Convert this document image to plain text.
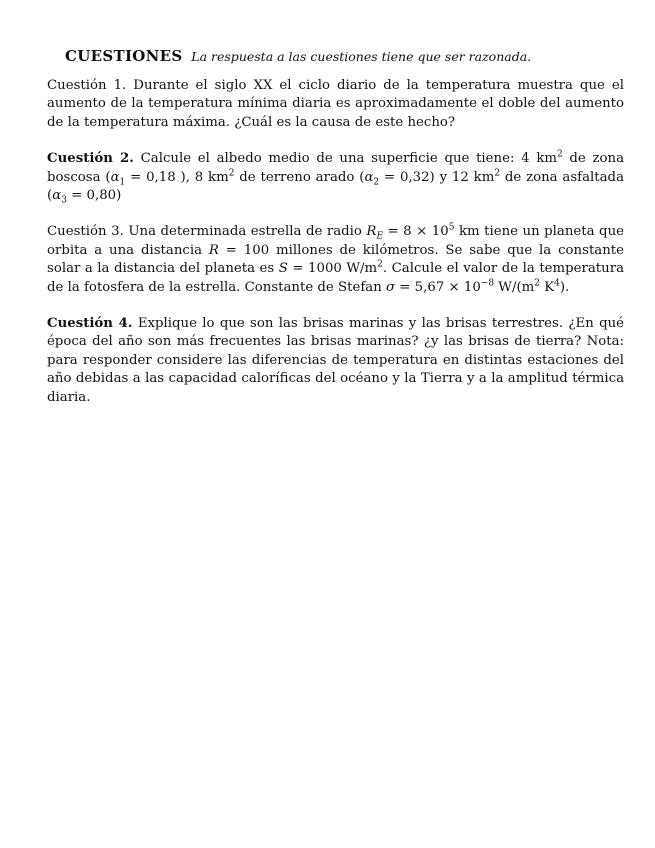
CUESTIONES La respuesta a las cuestiones tiene que ser razonada.

Cuestión 1. Durante el siglo XX el ciclo diario de la temperatura muestra que el aumento de la temperatura mínima diaria es aproximadamente el doble del aumento de la temperatura máxima. ¿Cuál es la causa de este hecho?

Cuestión 2. Calcule el albedo medio de una superficie que tiene: 4 $km^2$ de zona boscosa ($\alpha_1 = 0,18$ ), 8 $km^2$ de terreno arado $(\alpha_2 = 0,32)$ y 12 $km^2$ de zona asfaltada $(\alpha_3 = 0,80)$

Cuestión 3. Una determinada estrella de radio $R_E = 8 \times 10^5$ km tiene un planeta que orbita a una distancia R = 100 millones de kilómetros. Se sabe que la constante solar a la distancia del planeta es S = 1000 $W/m^2$. Calcule el valor de la temperatura de la fotosfera de la estrella. Constante de Stefan $\sigma = 5,67 \times 10^{-8}$ $W/(m^2$ $K^4$).

Cuestión 4. Explique lo que son las brisas marinas y las brisas terrestres. ¿En qué época del año son más frecuentes las brisas marinas? ¿y las brisas de tierra? Nota: para responder considere las diferencias de temperatura en distintas estaciones del año debidas a las capacidad caloríficas del océano y la Tierra y a la amplitud térmica diaria.
